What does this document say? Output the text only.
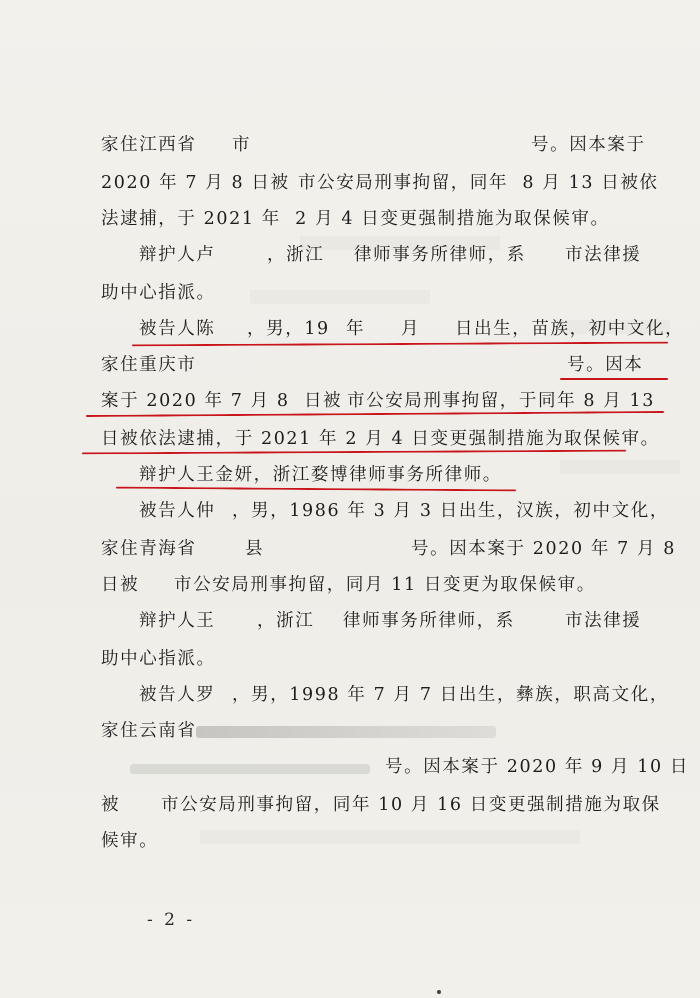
家住江西省 市	号。因本案于
2020 年 7 月 8 日被 市公安局刑事拘留，同年  8 月 13 日被依
法逮捕，于 2021 年  2 月 4 日变更强制措施为取保候审。
辩护人卢	，浙江 律师事务所律师，系 市法律援
助中心指派。
被告人陈 ，男，19 年 月 日出生，苗族，初中文化，
家住重庆市	号。因本
案于 2020 年 7 月 8  日被 市公安局刑事拘留，于同年 8 月 13
日被依法逮捕，于 2021 年 2 月 4 日变更强制措施为取保候审。
辩护人王金妍，浙江婺博律师事务所律师。
被告人仲 ，男，1986 年 3 月 3 日出生，汉族，初中文化，
家住青海省	县	号。因本案于 2020 年 7 月 8
日被 市公安局刑事拘留，同月 11 日变更为取保候审。
辩护人王 ，浙江 律师事务所律师，系	市法律援
助中心指派。
被告人罗 ，男，1998 年 7 月 7 日出生，彝族，职高文化，
家住云南省
号。因本案于 2020 年 9 月 10 日
被 市公安局刑事拘留，同年 10 月 16 日变更强制措施为取保
候审。
- 2 -
